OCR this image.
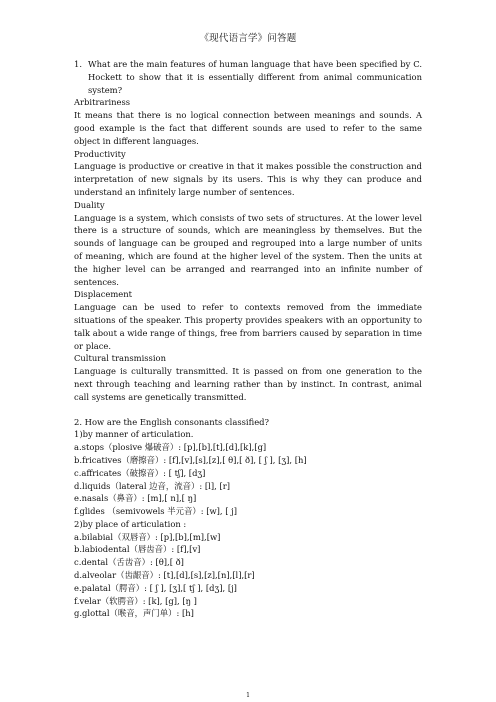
《现代语言学》问答题
1. What are the main features of human language that have been specified by C. Hockett to show that it is essentially different from animal communication system?
Arbitrariness

It means that there is no logical connection between meanings and sounds. A good example is the fact that different sounds are used to refer to the same object in different languages.

Productivity

Language is productive or creative in that it makes possible the construction and interpretation of new signals by its users. This is why they can produce and understand an infinitely large number of sentences.

Duality

Language is a system, which consists of two sets of structures. At the lower level there is a structure of sounds, which are meaningless by themselves. But the sounds of language can be grouped and regrouped into a large number of units of meaning, which are found at the higher level of the system. Then the units at the higher level can be arranged and rearranged into an infinite number of sentences.

Displacement

Language can be used to refer to contexts removed from the immediate situations of the speaker. This property provides speakers with an opportunity to talk about a wide range of things, free from barriers caused by separation in time or place.

Cultural transmission

Language is culturally transmitted. It is passed on from one generation to the next through teaching and learning rather than by instinct. In contrast, animal call systems are genetically transmitted.

2. How are the English consonants classified?
1)by manner of articulation.
a.stops（plosive 爆破音）: [p],[b],[t],[d],[k],[g]
b.fricatives（磨擦音）: [f],[v],[s],[z],[ θ],[ ð], [ ʃ ], [ʒ], [h]
c.affricates（破擦音）: [ tʃ], [dʒ]
d.liquids（lateral 边音，流音）: [l], [r]
e.nasals（鼻音）: [m],[ n],[ ŋ]
f.glides （semivowels 半元音）: [w], [ j]
2)by place of articulation :
a.bilabial（双唇音）: [p],[b],[m],[w]
b.labiodental（唇齿音）: [f],[v]
c.dental（舌齿音）: [θ],[ ð]
d.alveolar（齿龈音）: [t],[d],[s],[z],[n],[l],[r]
e.palatal（腭音）: [ ʃ ], [ʒ],[ tʃ ], [dʒ], [j]
f.velar（软腭音）: [k], [g], [ŋ ]
g.glottal（喉音，声门单）: [h]
1
